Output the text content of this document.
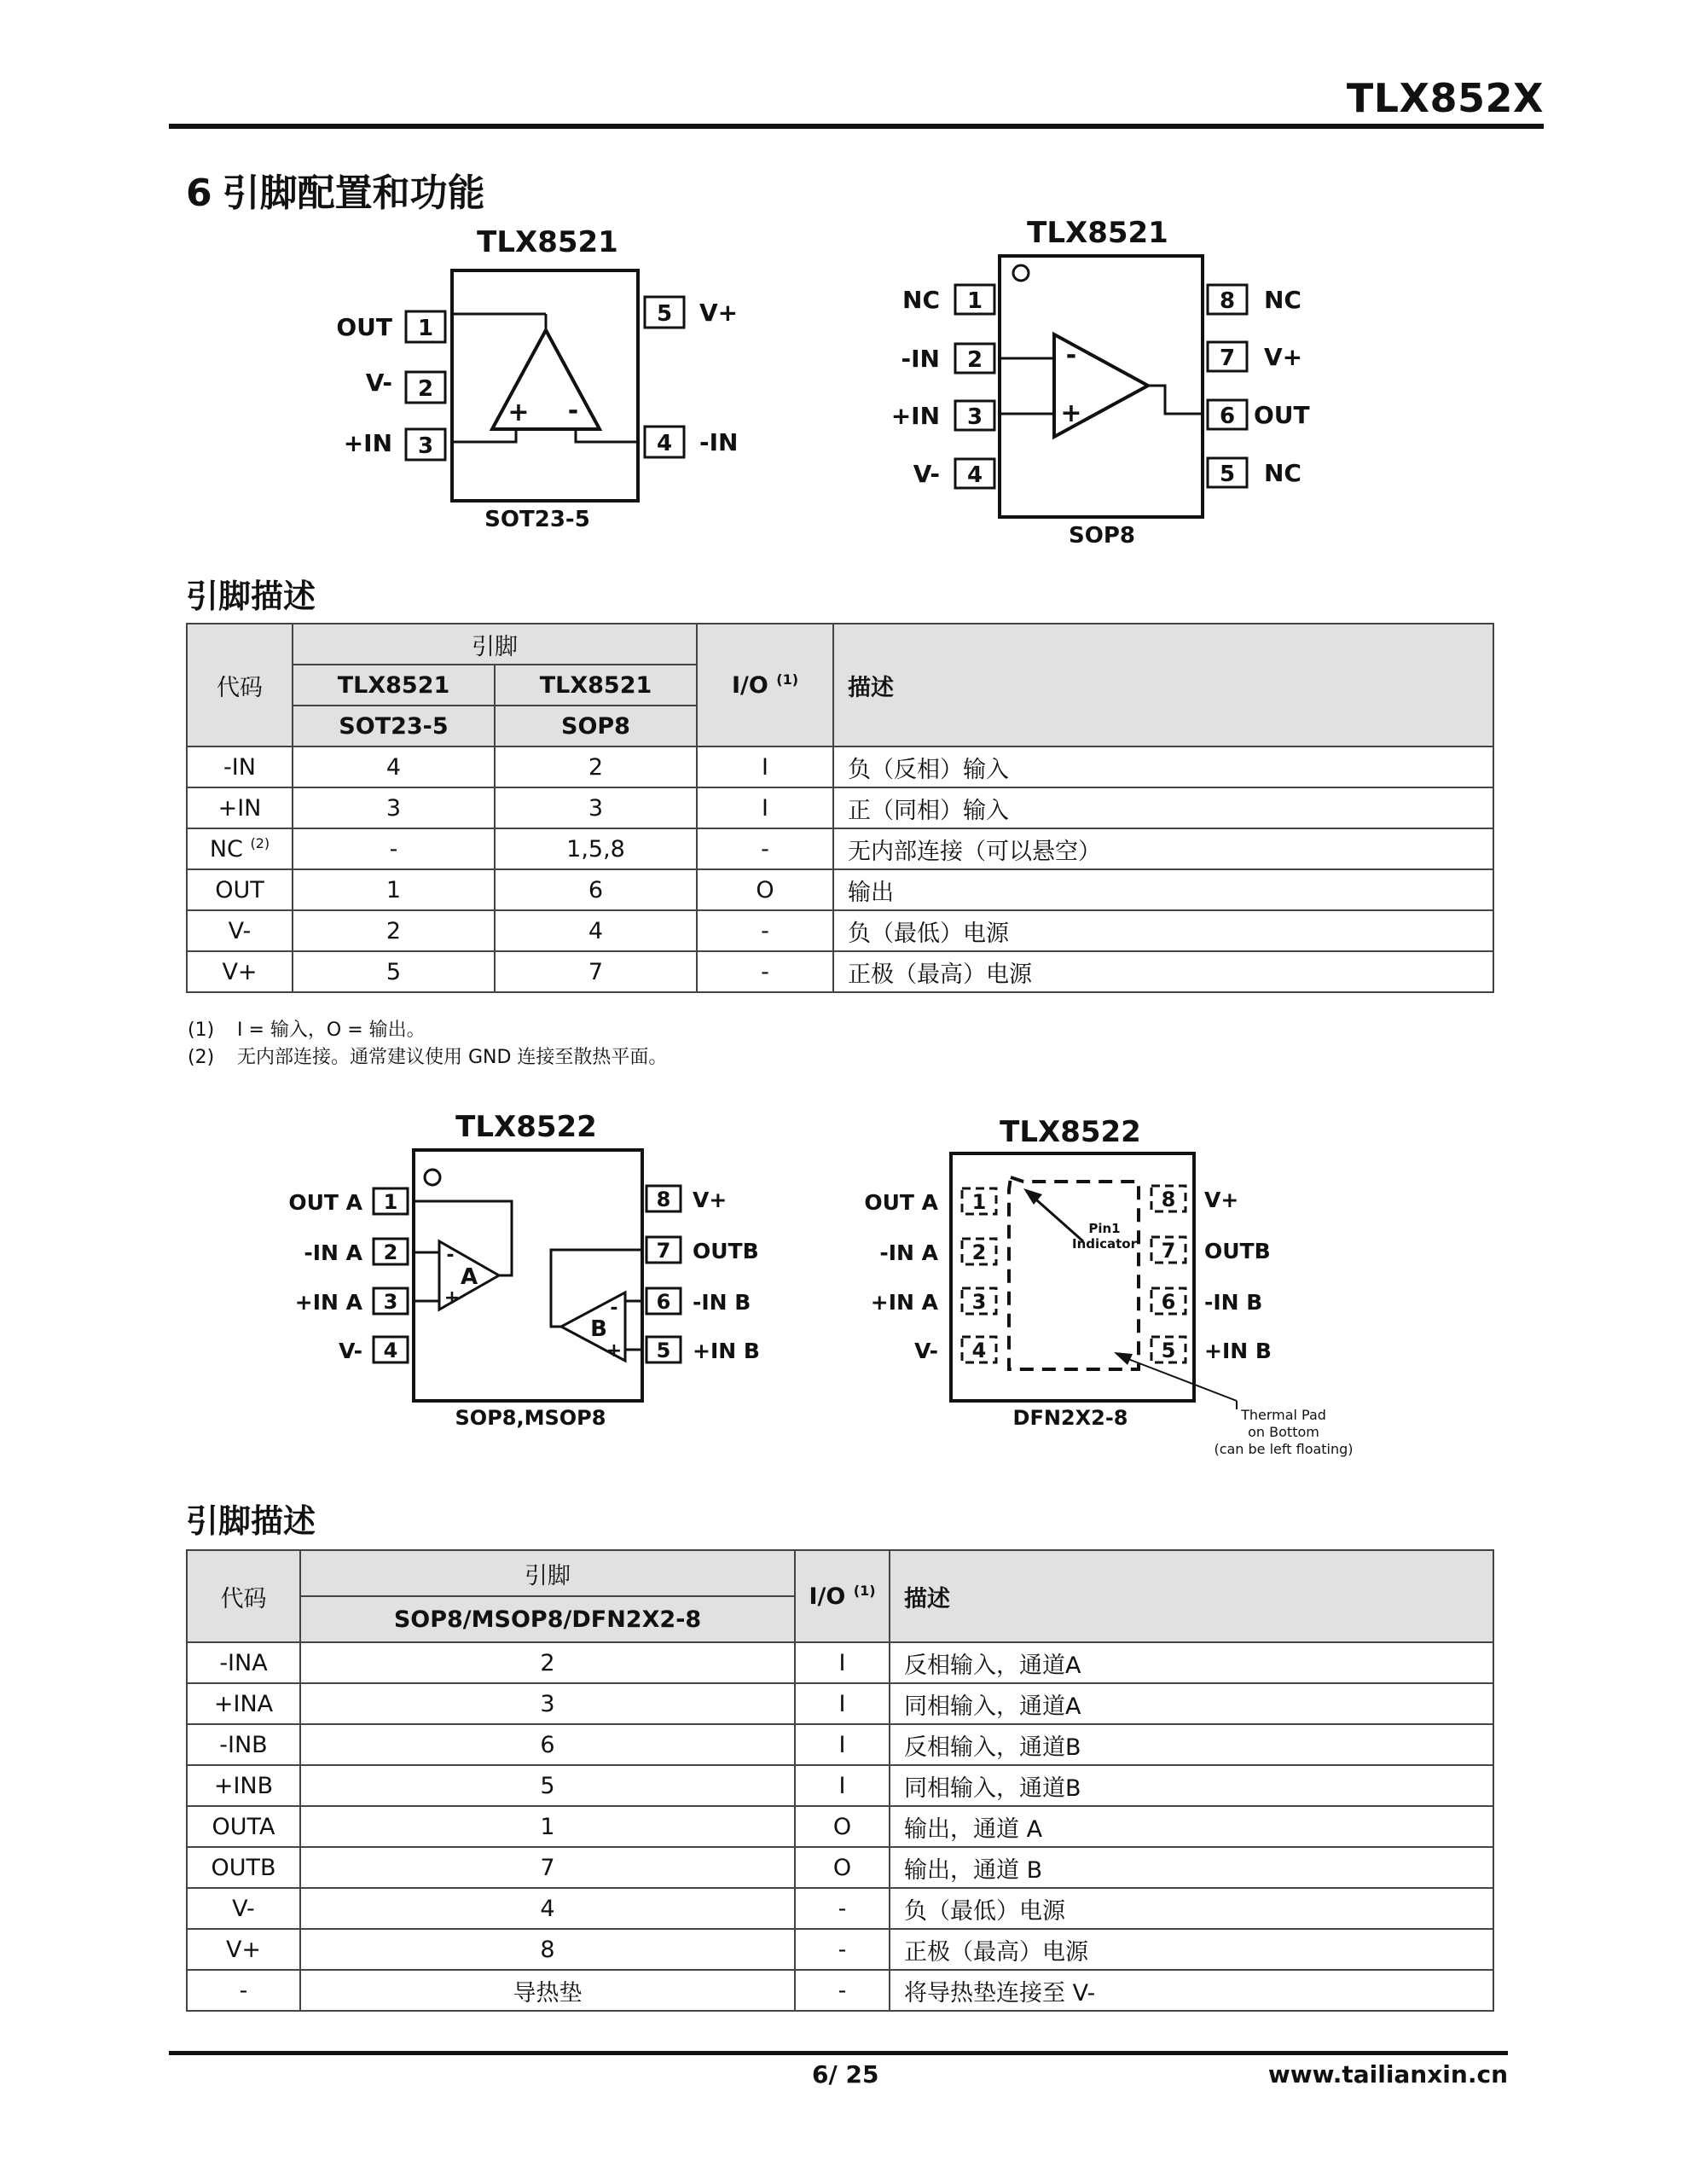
TLX852X
6 引脚配置和功能
TLX8521
+ -
1
2
3
5
4
OUT
V-
+IN
V+
-IN
SOT23-5
TLX8521
-
+
1
2
3
4
8
7
6
5
NC
-IN
+IN
V-
NC
V+
OUT
NC
SOP8
引脚描述
代码	引脚		I/O $^{(1)}$	描述
	TLX8521	TLX8521		
	SOT23-5	SOP8		
-IN	4	2	I	负（反相）输入
+IN	3	3	I	正（同相）输入
NC $^{(2)}$	-	1,5,8	-	无内部连接（可以悬空）
OUT	1	6	O	输出
V-	2	4	-	负（最低）电源
V+	5	7	-	正极（最高）电源
(1) I = 输入，O = 输出。
(2) 无内部连接。通常建议使用 GND 连接至散热平面。
TLX8522
A
-
+
B
-
+
1
2
3
4
8
7
6
5
OUT A
-IN A
+IN A
V-
V+
OUTB
-IN B
+IN B
SOP8,MSOP8
TLX8522
1
2
3
4
8
7
6
5
OUT A
-IN A
+IN A
V-
V+
OUTB
-IN B
+IN B
Pin1
Indicator
Thermal Pad
on Bottom
(can be left floating)
DFN2X2-8
引脚描述
代码	引脚	I/O $^{(1)}$	描述
	SOP8/MSOP8/DFN2X2-8		
-INA	2	I	反相输入，通道A
+INA	3	I	同相输入，通道A
-INB	6	I	反相输入，通道B
+INB	5	I	同相输入，通道B
OUTA	1	O	输出，通道 A
OUTB	7	O	输出，通道 B
V-	4	-	负（最低）电源
V+	8	-	正极（最高）电源
-	导热垫	-	将导热垫连接至 V-
6/ 25	www.tailianxin.cn
